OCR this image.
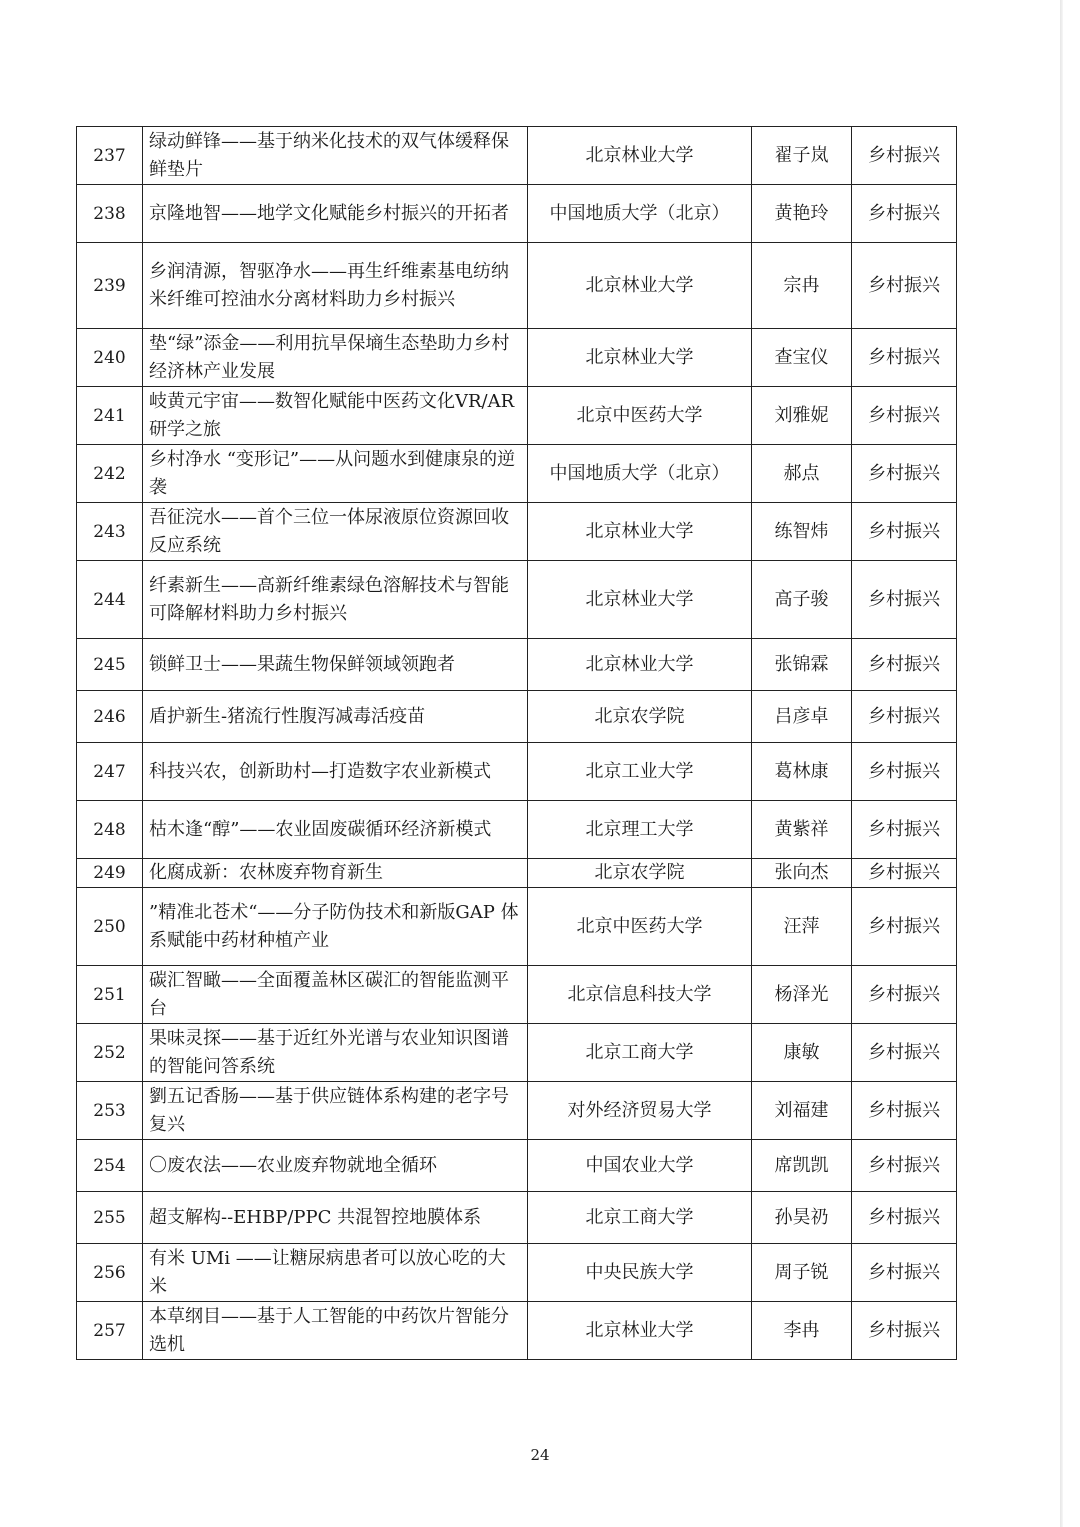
237	绿动鲜锋——基于纳米化技术的双气体缓释保鲜垫片	北京林业大学	翟子岚	乡村振兴
238	京隆地智——地学文化赋能乡村振兴的开拓者	中国地质大学（北京）	黄艳玲	乡村振兴
239	乡润清源，智驱净水——再生纤维素基电纺纳米纤维可控油水分离材料助力乡村振兴	北京林业大学	宗冉	乡村振兴
240	垫“绿”添金——利用抗旱保墒生态垫助力乡村经济林产业发展	北京林业大学	查宝仪	乡村振兴
241	岐黄元宇宙——数智化赋能中医药文化VR/AR 研学之旅	北京中医药大学	刘雅妮	乡村振兴
242	乡村净水 “变形记”——从问题水到健康泉的逆袭	中国地质大学（北京）	郝点	乡村振兴
243	吾征浣水——首个三位一体尿液原位资源回收反应系统	北京林业大学	练智炜	乡村振兴
244	纤素新生——高新纤维素绿色溶解技术与智能可降解材料助力乡村振兴	北京林业大学	高子骏	乡村振兴
245	锁鲜卫士——果蔬生物保鲜领域领跑者	北京林业大学	张锦霖	乡村振兴
246	盾护新生-猪流行性腹泻减毒活疫苗	北京农学院	吕彦卓	乡村振兴
247	科技兴农，创新助村—打造数字农业新模式	北京工业大学	葛林康	乡村振兴
248	枯木逢“醇”——农业固废碳循环经济新模式	北京理工大学	黄紫祥	乡村振兴
249	化腐成新：农林废弃物育新生	北京农学院	张向杰	乡村振兴
250	”精准北苍术“——分子防伪技术和新版GAP 体系赋能中药材种植产业	北京中医药大学	汪萍	乡村振兴
251	碳汇智瞰——全面覆盖林区碳汇的智能监测平台	北京信息科技大学	杨泽光	乡村振兴
252	果味灵探——基于近红外光谱与农业知识图谱的智能问答系统	北京工商大学	康敏	乡村振兴
253	劉五记香肠——基于供应链体系构建的老字号复兴	对外经济贸易大学	刘福建	乡村振兴
254	〇废农法——农业废弃物就地全循环	中国农业大学	席凯凯	乡村振兴
255	超支解构--EHBP/PPC 共混智控地膜体系	北京工商大学	孙昊礽	乡村振兴
256	有米 UMi ——让糖尿病患者可以放心吃的大米	中央民族大学	周子锐	乡村振兴
257	本草纲目——基于人工智能的中药饮片智能分选机	北京林业大学	李冉	乡村振兴
24
